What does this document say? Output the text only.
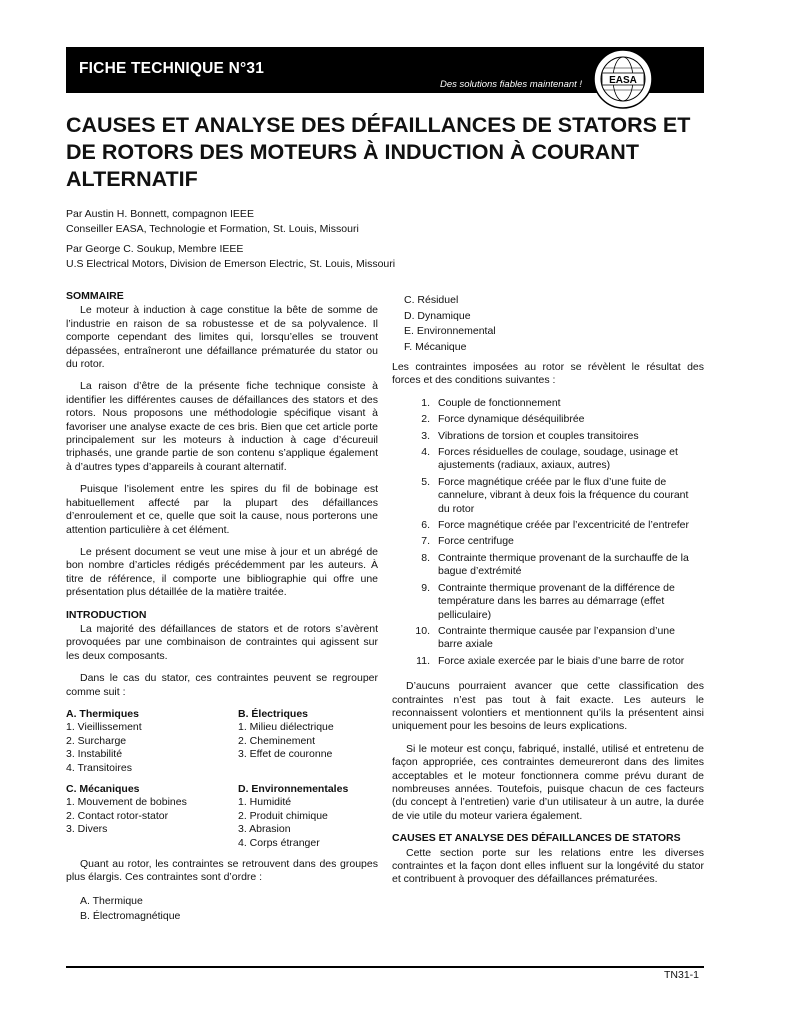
FICHE TECHNIQUE N°31
Des solutions fiables maintenant !	EASA
CAUSES ET ANALYSE DES DÉFAILLANCES DE STATORS ET DE ROTORS DES MOTEURS À INDUCTION À COURANT ALTERNATIF

Par Austin H. Bonnett, compagnon IEEE

Conseiller EASA, Technologie et Formation, St. Louis, Missouri

Par George C. Soukup, Membre IEEE

U.S Electrical Motors, Division de Emerson Electric, St. Louis, Missouri

SOMMAIRE

Le moteur à induction à cage constitue la bête de somme de l’industrie en raison de sa robustesse et de sa polyvalence. Il comporte cependant des limites qui, lorsqu’elles se trouvent dépassées, entraîneront une défaillance prématurée du stator ou du rotor.

La raison d’être de la présente fiche technique consiste à identifier les différentes causes de défaillances des stators et des rotors. Nous proposons une méthodologie spécifique visant à favoriser une analyse exacte de ces bris. Bien que cet article porte principalement sur les moteurs à induction à cage d’écureuil triphasés, une grande partie de son contenu s’applique également à d’autres types d’appareils à courant alternatif.

Puisque l’isolement entre les spires du fil de bobinage est habituellement affecté par la plupart des défaillances d’enroulement et ce, quelle que soit la cause, nous porterons une attention particulière à cet élément.

Le présent document se veut une mise à jour et un abrégé de bon nombre d’articles rédigés précédemment par les auteurs. À titre de référence, il comporte une bibliographie qui offre une présentation plus détaillée de la matière traitée.

INTRODUCTION

La majorité des défaillances de stators et de rotors s’avèrent provoquées par une combinaison de contraintes qui agissent sur les deux composants.

Dans le cas du stator, ces contraintes peuvent se regrouper comme suit :

A. Thermiques
1. Vieillissement
2. Surcharge
3. Instabilité
4. Transitoires
B. Électriques
1. Milieu diélectrique
2. Cheminement
3. Effet de couronne
C. Mécaniques
1. Mouvement de bobines
2. Contact rotor-stator
3. Divers
D. Environnementales
1. Humidité
2. Produit chimique
3. Abrasion
4. Corps étranger

Quant au rotor, les contraintes se retrouvent dans des groupes plus élargis. Ces contraintes sont d’ordre :

A. Thermique
B. Électromagnétique
C. Résiduel
D. Dynamique
E. Environnemental
F. Mécanique

Les contraintes imposées au rotor se révèlent le résultat des forces et des conditions suivantes :

1. Couple de fonctionnement
2. Force dynamique déséquilibrée
3. Vibrations de torsion et couples transitoires
4. Forces résiduelles de coulage, soudage, usinage et ajustements (radiaux, axiaux, autres)
5. Force magnétique créée par le flux d’une fuite de cannelure, vibrant à deux fois la fréquence du courant du rotor
6. Force magnétique créée par l’excentricité de l’entrefer
7. Force centrifuge
8. Contrainte thermique provenant de la surchauffe de la bague d’extrémité
9. Contrainte thermique provenant de la différence de température dans les barres au démarrage (effet pelliculaire)
10. Contrainte thermique causée par l’expansion d’une barre axiale
11. Force axiale exercée par le biais d’une barre de rotor

D’aucuns pourraient avancer que cette classification des contraintes n’est pas tout à fait exacte. Les auteurs le reconnaissent volontiers et mentionnent qu’ils la présentent ainsi uniquement pour les besoins de leurs explications.

Si le moteur est conçu, fabriqué, installé, utilisé et entretenu de façon appropriée, ces contraintes demeureront dans des limites acceptables et le moteur fonctionnera comme prévu durant de nombreuses années. Toutefois, puisque chacun de ces facteurs (du concept à l’entretien) varie d’un utilisateur à un autre, la durée de vie utile du moteur variera également.

CAUSES ET ANALYSE DES DÉFAILLANCES DE STATORS

Cette section porte sur les relations entre les diverses contraintes et la façon dont elles influent sur la longévité du stator et contribuent à provoquer des défaillances prématurées.

TN31-1
